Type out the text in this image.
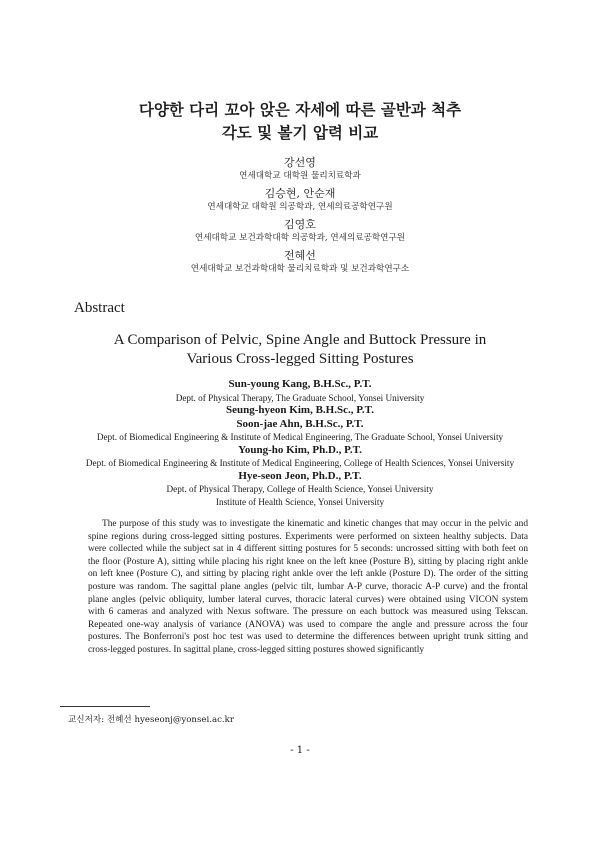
다양한 다리 꼬아 앉은 자세에 따른 골반과 척추
각도 및 볼기 압력 비교
강선영
연세대학교 대학원 물리치료학과
김승현, 안순재
연세대학교 대학원 의공학과, 연세의료공학연구원
김영호
연세대학교 보건과학대학 의공학과, 연세의료공학연구원
전혜선
연세대학교 보건과학대학 물리치료학과 및 보건과학연구소
Abstract
A Comparison of Pelvic, Spine Angle and Buttock Pressure in
Various Cross-legged Sitting Postures
Sun-young Kang, B.H.Sc., P.T.
Dept. of Physical Therapy, The Graduate School, Yonsei University
Seung-hyeon Kim, B.H.Sc., P.T.
Soon-jae Ahn, B.H.Sc., P.T.
Dept. of Biomedical Engineering & Institute of Medical Engineering, The Graduate School, Yonsei University
Young-ho Kim, Ph.D., P.T.
Dept. of Biomedical Engineering & Institute of Medical Engineering, College of Health Sciences, Yonsei University
Hye-seon Jeon, Ph.D., P.T.
Dept. of Physical Therapy, College of Health Science, Yonsei University
Institute of Health Science, Yonsei University

The purpose of this study was to investigate the kinematic and kinetic changes that may occur in the pelvic and spine regions during cross-legged sitting postures. Experiments were performed on sixteen healthy subjects. Data were collected while the subject sat in 4 different sitting postures for 5 seconds: uncrossed sitting with both feet on the floor (Posture A), sitting while placing his right knee on the left knee (Posture B), sitting by placing right ankle on left knee (Posture C), and sitting by placing right ankle over the left ankle (Posture D). The order of the sitting posture was random. The sagittal plane angles (pelvic tilt, lumbar A-P curve, thoracic A-P curve) and the frontal plane angles (pelvic obliquity, lumber lateral curves, thoracic lateral curves) were obtained using VICON system with 6 cameras and analyzed with Nexus software. The pressure on each buttock was measured using Tekscan. Repeated one-way analysis of variance (ANOVA) was used to compare the angle and pressure across the four postures. The Bonferroni's post hoc test was used to determine the differences between upright trunk sitting and cross-legged postures. In sagittal plane, cross-legged sitting postures showed significantly

교신저자: 전혜선 hyeseonj@yonsei.ac.kr
- 1 -
